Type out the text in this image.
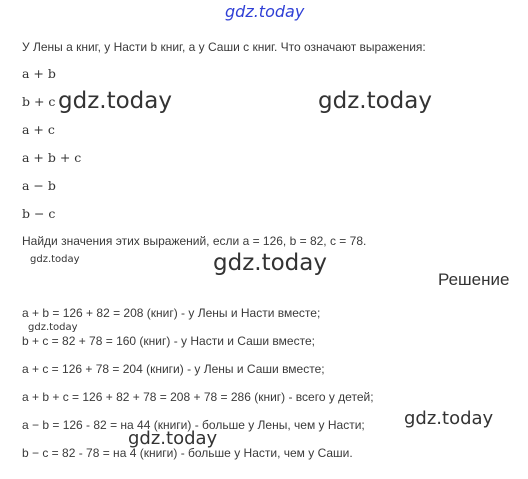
gdz.today
У Лены a книг, у Насти b книг, а у Саши c книг. Что означают выражения:
a + b
b + c
a + c
a + b + c
a − b
b − c
gdz.today	gdz.today
Найди значения этих выражений, если a = 126, b = 82, c = 78.
gdz.today	gdz.today
Решение
a + b = 126 + 82 = 208 (книг) - у Лены и Насти вместе;
gdz.today
b + c = 82 + 78 = 160 (книг) - у Насти и Саши вместе;
a + c = 126 + 78 = 204 (книги) - у Лены и Саши вместе;
a + b + c = 126 + 82 + 78 = 208 + 78 = 286 (книг) - всего у детей;
a − b = 126 - 82 = на 44 (книги) - больше у Лены, чем у Насти; gdz.today
gdz.today
b − c = 82 - 78 = на 4 (книги) - больше у Насти, чем у Саши.
